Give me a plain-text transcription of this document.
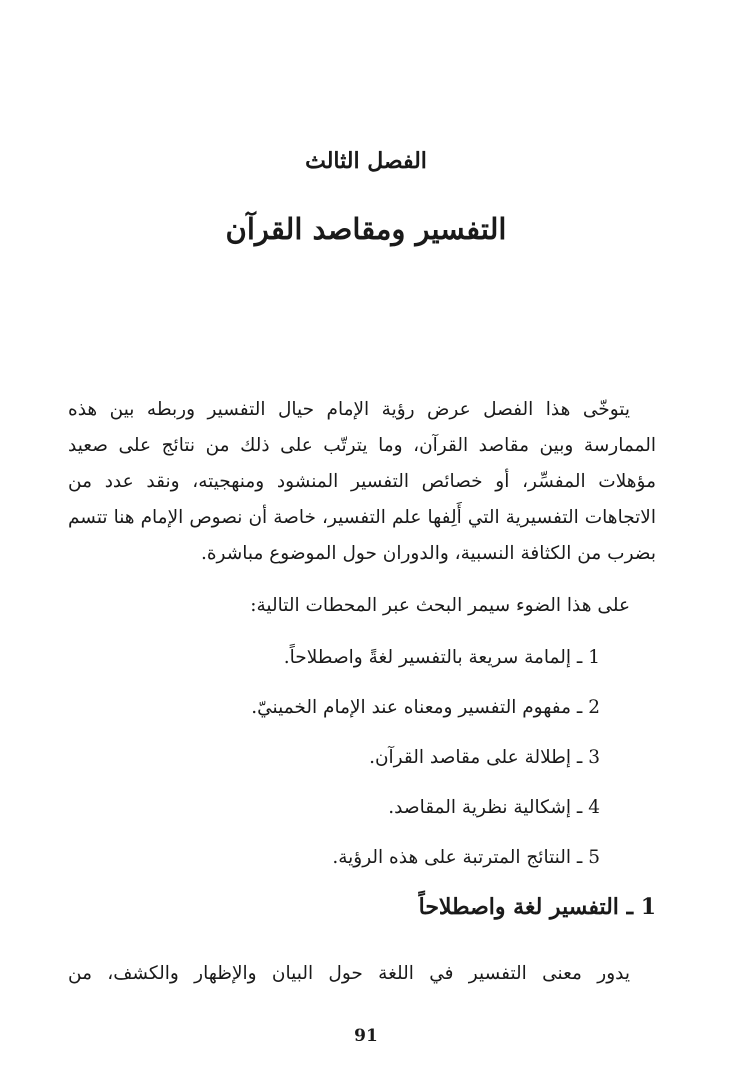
الفصل الثالث
التفسير ومقاصد القرآن

يتوخّى هذا الفصل عرض رؤية الإمام حيال التفسير وربطه بين هذه الممارسة وبين مقاصد القرآن، وما يترتّب على ذلك من نتائج على صعيد مؤهلات المفسِّر، أو خصائص التفسير المنشود ومنهجيته، ونقد عدد من الاتجاهات التفسيرية التي أَلِفها علم التفسير، خاصة أن نصوص الإمام هنا تتسم بضرب من الكثافة النسبية، والدوران حول الموضوع مباشرة.

على هذا الضوء سيمر البحث عبر المحطات التالية:

1 ـ إلمامة سريعة بالتفسير لغةً واصطلاحاً.
2 ـ مفهوم التفسير ومعناه عند الإمام الخمينيّ.
3 ـ إطلالة على مقاصد القرآن.
4 ـ إشكالية نظرية المقاصد.
5 ـ النتائج المترتبة على هذه الرؤية.
1 ـ التفسير لغة واصطلاحاً

يدور معنى التفسير في اللغة حول البيان والإظهار والكشف، من

91
